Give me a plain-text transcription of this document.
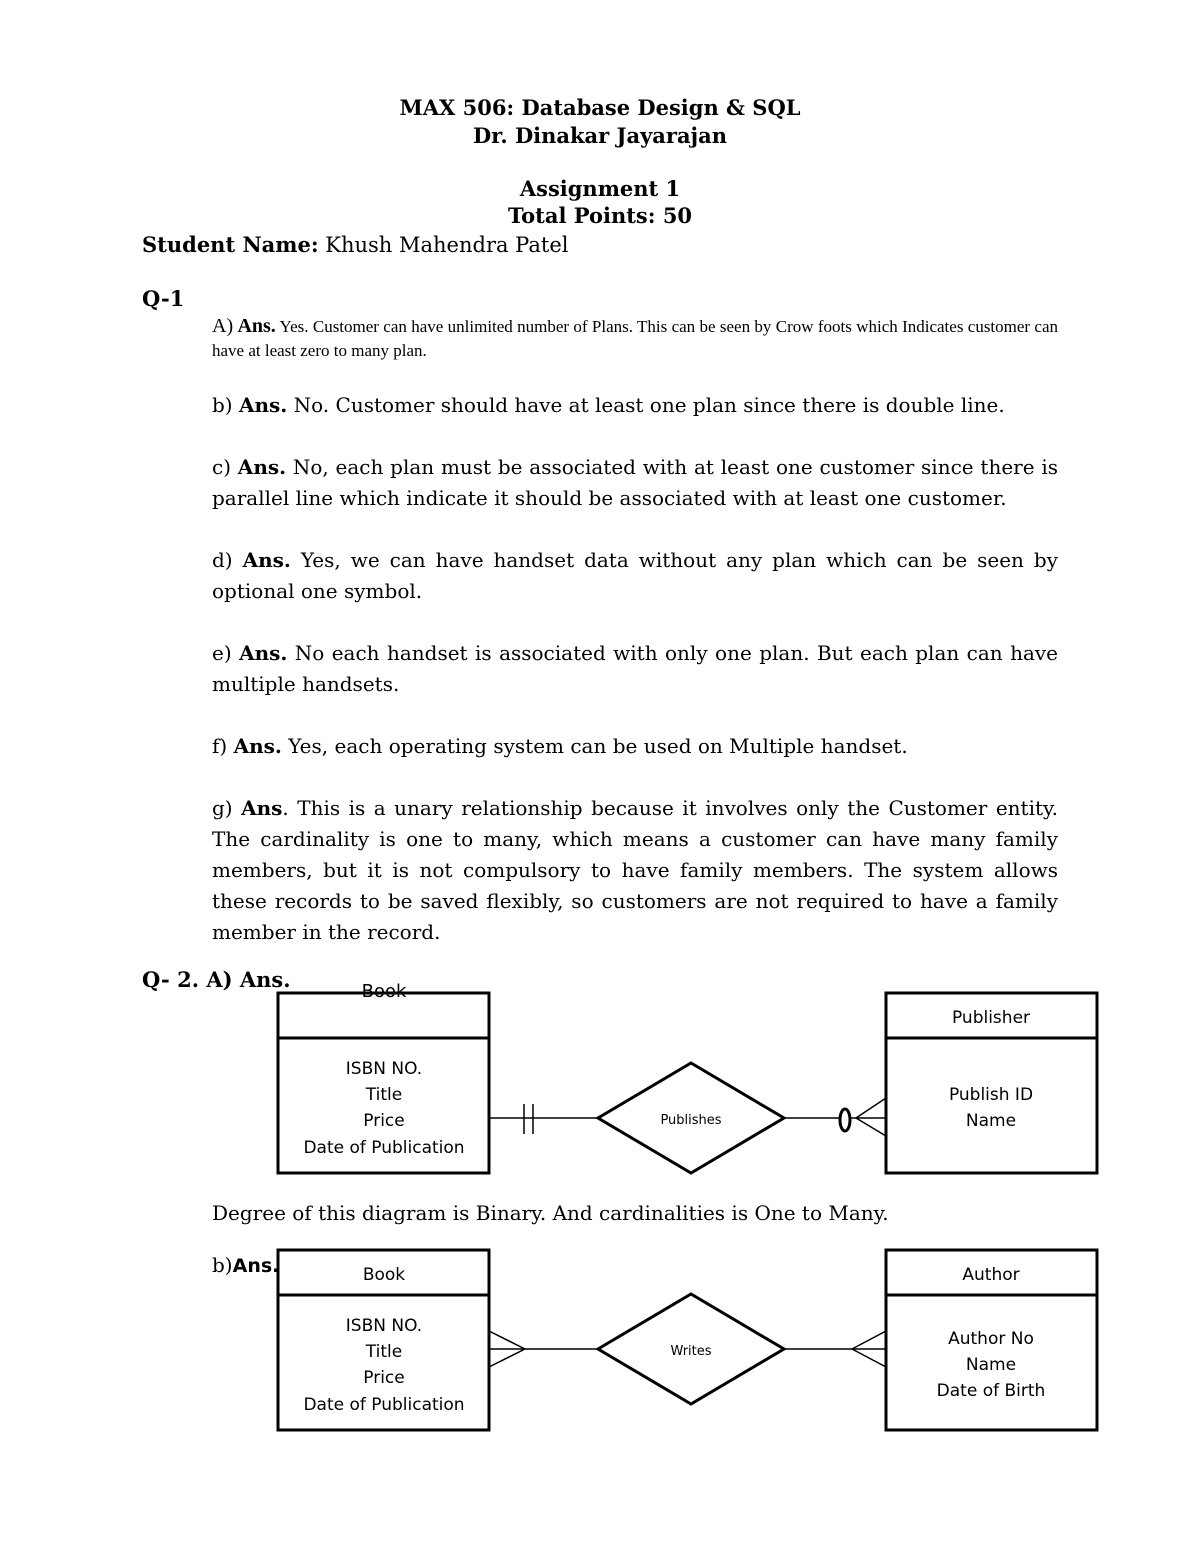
MAX 506: Database Design & SQL
Dr. Dinakar Jayarajan
Assignment 1
Total Points: 50
Student Name: Khush Mahendra Patel
Q-1
A) Ans. Yes. Customer can have unlimited number of Plans. This can be seen by Crow foots which Indicates customer can have at least zero to many plan.
b) Ans. No. Customer should have at least one plan since there is double line.
c) Ans. No, each plan must be associated with at least one customer since there is parallel line which indicate it should be associated with at least one customer.
d) Ans. Yes, we can have handset data without any plan which can be seen by optional one symbol.
e) Ans. No each handset is associated with only one plan. But each plan can have multiple handsets.
f) Ans. Yes, each operating system can be used on Multiple handset.
g) Ans. This is a unary relationship because it involves only the Customer entity. The cardinality is one to many, which means a customer can have many family members, but it is not compulsory to have family members. The system allows these records to be saved flexibly, so customers are not required to have a family member in the record.
Q- 2. A) Ans.	Book
ISBN NO.
Title
Price
Date of Publication
Publishes
Publisher
Publish ID
Name
Book
ISBN NO.
Title
Price
Date of Publication
Writes
Author
Author No
Name
Date of Birth
Degree of this diagram is Binary. And cardinalities is One to Many.
b)Ans.
